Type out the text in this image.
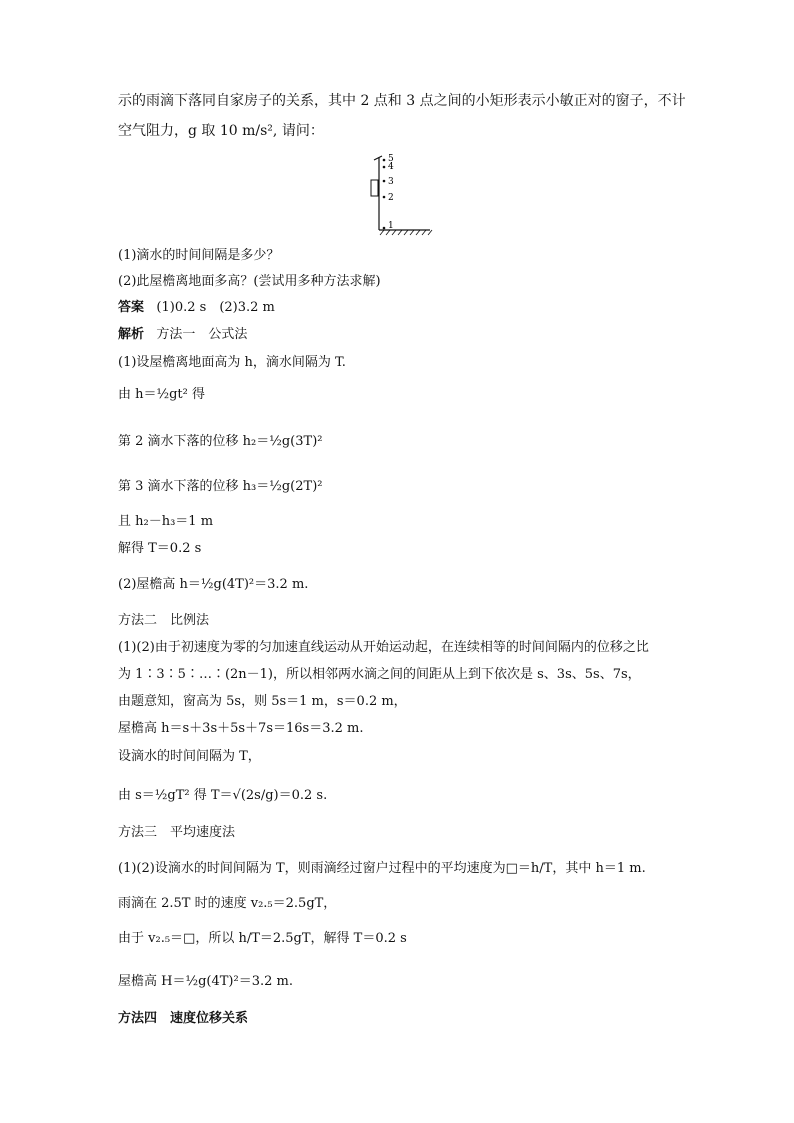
示的雨滴下落同自家房子的关系，其中 2 点和 3 点之间的小矩形表示小敏正对的窗子，不计
空气阻力，g 取 10 m/s², 请问：
5
4
3
2
1
(1)滴水的时间间隔是多少？
(2)此屋檐离地面多高？(尝试用多种方法求解)
答案 (1)0.2 s　(2)3.2 m
解析 方法一　公式法
(1)设屋檐离地面高为 h，滴水间隔为 T.
由 h＝½gt² 得
第 2 滴水下落的位移 h₂＝½g(3T)²
第 3 滴水下落的位移 h₃＝½g(2T)²
且 h₂－h₃＝1 m
解得 T＝0.2 s
(2)屋檐高 h＝½g(4T)²＝3.2 m.
方法二　比例法
(1)(2)由于初速度为零的匀加速直线运动从开始运动起，在连续相等的时间间隔内的位移之比
为 1∶3∶5∶…∶(2n－1)，所以相邻两水滴之间的间距从上到下依次是 s、3s、5s、7s，
由题意知，窗高为 5s，则 5s＝1 m，s＝0.2 m，
屋檐高 h＝s＋3s＋5s＋7s＝16s＝3.2 m.
设滴水的时间间隔为 T，
由 s＝½gT² 得 T＝√(2s/g)＝0.2 s.
方法三　平均速度法
(1)(2)设滴水的时间间隔为 T，则雨滴经过窗户过程中的平均速度为□＝h/T，其中 h＝1 m.
雨滴在 2.5T 时的速度 v₂.₅＝2.5gT，
由于 v₂.₅＝□，所以 h/T＝2.5gT，解得 T＝0.2 s
屋檐高 H＝½g(4T)²＝3.2 m.
方法四　速度位移关系
